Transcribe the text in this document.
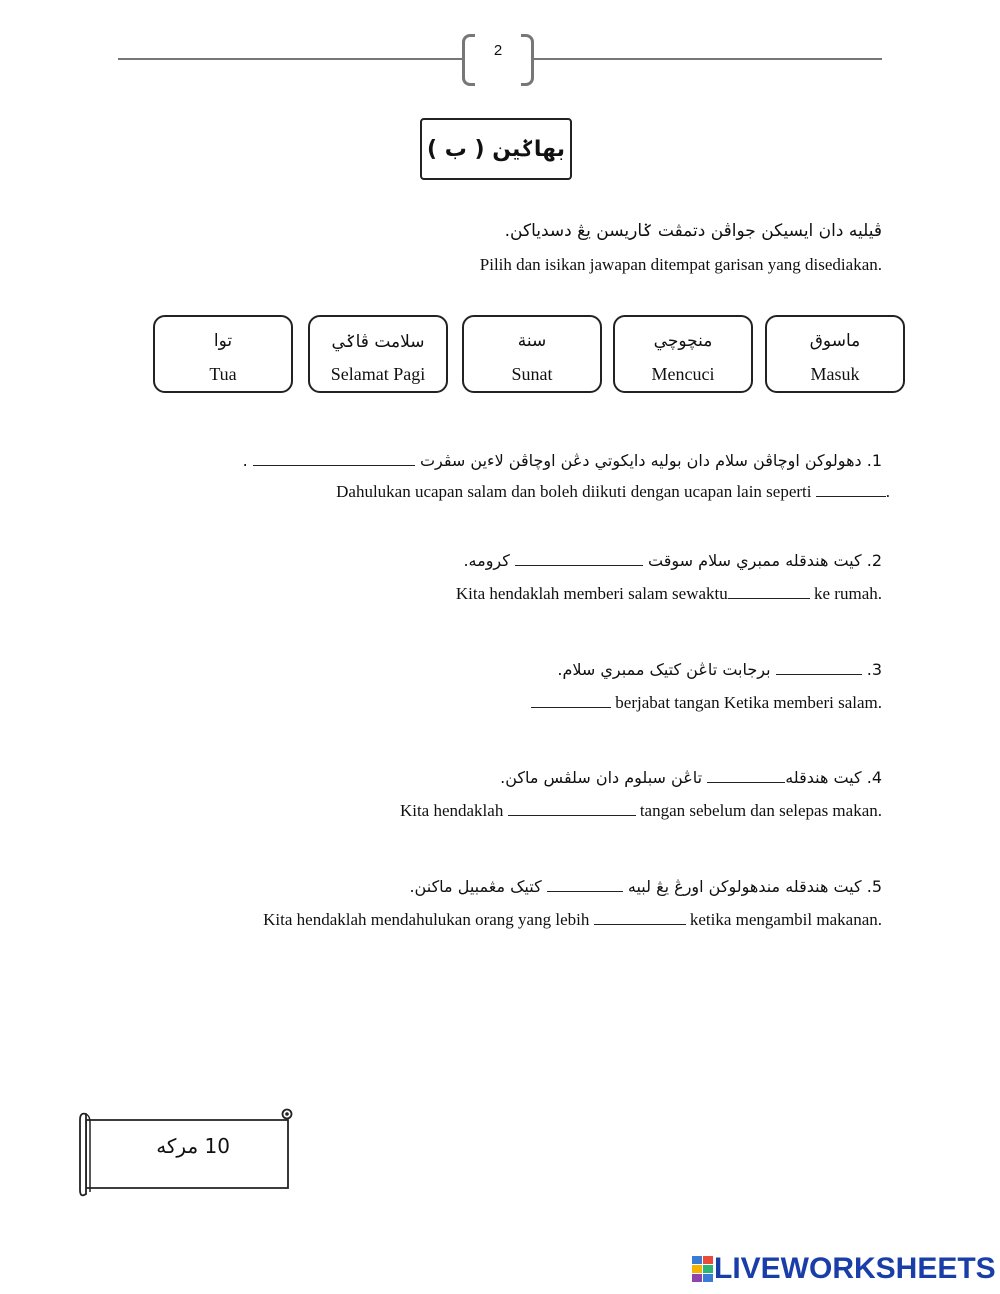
2
بهاݢين ( ب )
ڤيليه دان ايسيکن جواڤن دتمڤت ݢاريسن يڠ دسدياکن.
Pilih dan isikan jawapan ditempat garisan yang disediakan.
توا
Tua
سلامت ڤاݢي
Selamat Pagi
سنة
Sunat
منچوچي
Mencuci
ماسوق
Masuk
1. دهولوکن اوچاڤن سلام دان بوليه دايکوتي دڠن اوچاڤن لاءين سڤرت  .
Dahulukan ucapan salam dan boleh diikuti dengan ucapan lain seperti	.
2. کيت هندقله ممبري سلام سوقت  کرومه.
Kita hendaklah memberi salam sewaktu	ke rumah.
3.  برجابت تاڠن کتيک ممبري سلام.
berjabat tangan Ketika memberi salam.
4. کيت هندقله تاڠن سبلوم دان سلڤس ماکن.
Kita hendaklah	tangan sebelum dan selepas makan.
5. کيت هندقله مندهولوکن اورڠ يڠ لبيه  کتيک مڠمبيل ماکنن.
Kita hendaklah mendahulukan orang yang lebih	ketika mengambil makanan.
10 مرکه
LIVEWORKSHEETS
